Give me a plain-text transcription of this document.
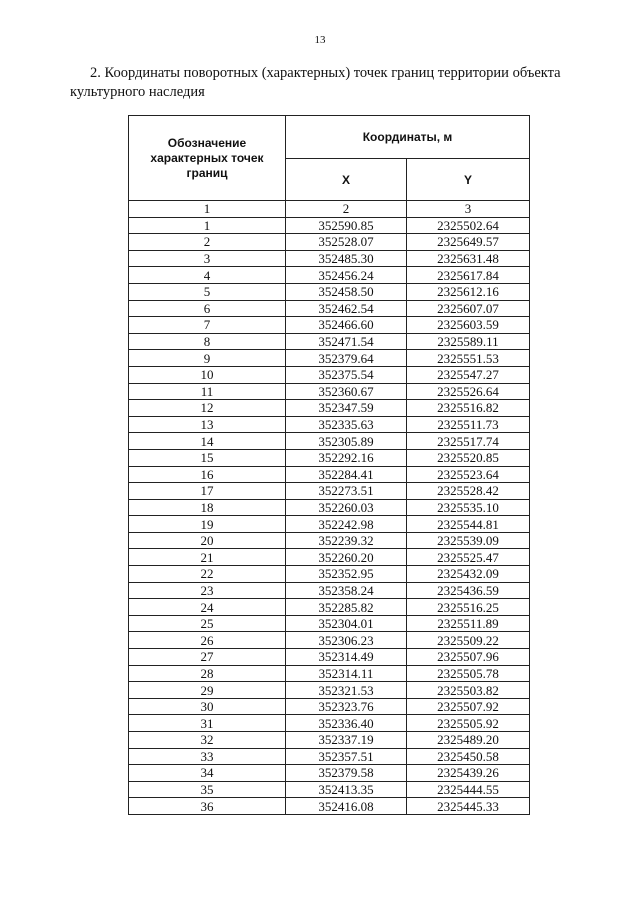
13
2. Координаты поворотных (характерных) точек границ территории объекта
культурного наследия
Обозначение характерных точек границ	Координаты, м	
	X	Y
1	2	3
1	352590.85	2325502.64
2	352528.07	2325649.57
3	352485.30	2325631.48
4	352456.24	2325617.84
5	352458.50	2325612.16
6	352462.54	2325607.07
7	352466.60	2325603.59
8	352471.54	2325589.11
9	352379.64	2325551.53
10	352375.54	2325547.27
11	352360.67	2325526.64
12	352347.59	2325516.82
13	352335.63	2325511.73
14	352305.89	2325517.74
15	352292.16	2325520.85
16	352284.41	2325523.64
17	352273.51	2325528.42
18	352260.03	2325535.10
19	352242.98	2325544.81
20	352239.32	2325539.09
21	352260.20	2325525.47
22	352352.95	2325432.09
23	352358.24	2325436.59
24	352285.82	2325516.25
25	352304.01	2325511.89
26	352306.23	2325509.22
27	352314.49	2325507.96
28	352314.11	2325505.78
29	352321.53	2325503.82
30	352323.76	2325507.92
31	352336.40	2325505.92
32	352337.19	2325489.20
33	352357.51	2325450.58
34	352379.58	2325439.26
35	352413.35	2325444.55
36	352416.08	2325445.33
